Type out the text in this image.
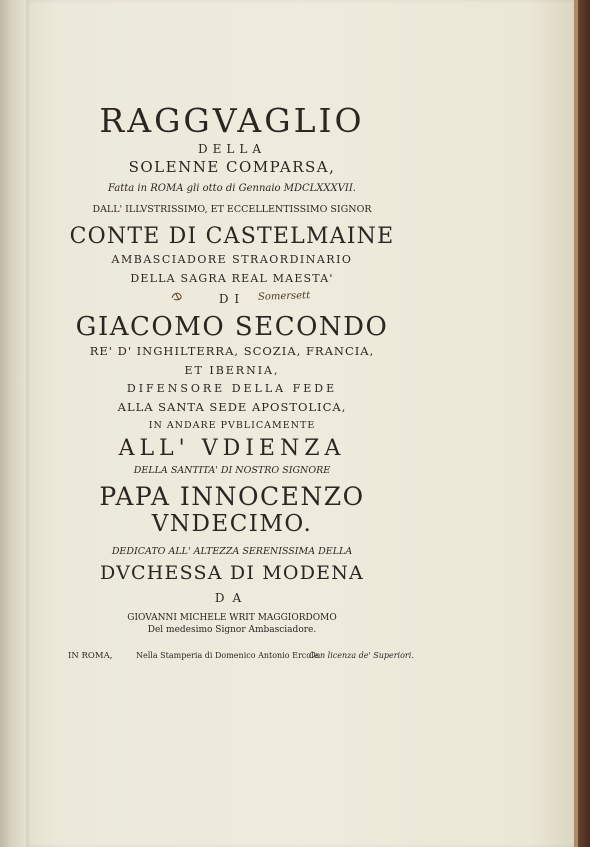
RAGGVAGLIO
DELLA
SOLENNE COMPARSA,
Fatta in ROMA gli otto di Gennaio MDCLXXXVII.
DALL' ILLVSTRISSIMO, ET ECCELLENTISSIMO SIGNOR
CONTE DI CASTELMAINE
AMBASCIADORE STRAORDINARIO
DELLA SAGRA REAL MAESTA'
DI
GIACOMO SECONDO
RE' D' INGHILTERRA, SCOZIA, FRANCIA,
ET IBERNIA,
DIFENSORE DELLA FEDE
ALLA SANTA SEDE APOSTOLICA,
IN ANDARE PVBLICAMENTE
ALL' VDIENZA
DELLA SANTITA' DI NOSTRO SIGNORE
PAPA INNOCENZO
VNDECIMO.
DEDICATO ALL' ALTEZZA SERENISSIMA DELLA
DVCHESSA DI MODENA
DA
GIOVANNI MICHELE WRIT MAGGIORDOMO
Del medesimo Signor Ambasciadore.
Somersett
IN ROMA,	Nella Stamperia di Domenico Antonio Ercole.
Con licenza de' Superiori.
